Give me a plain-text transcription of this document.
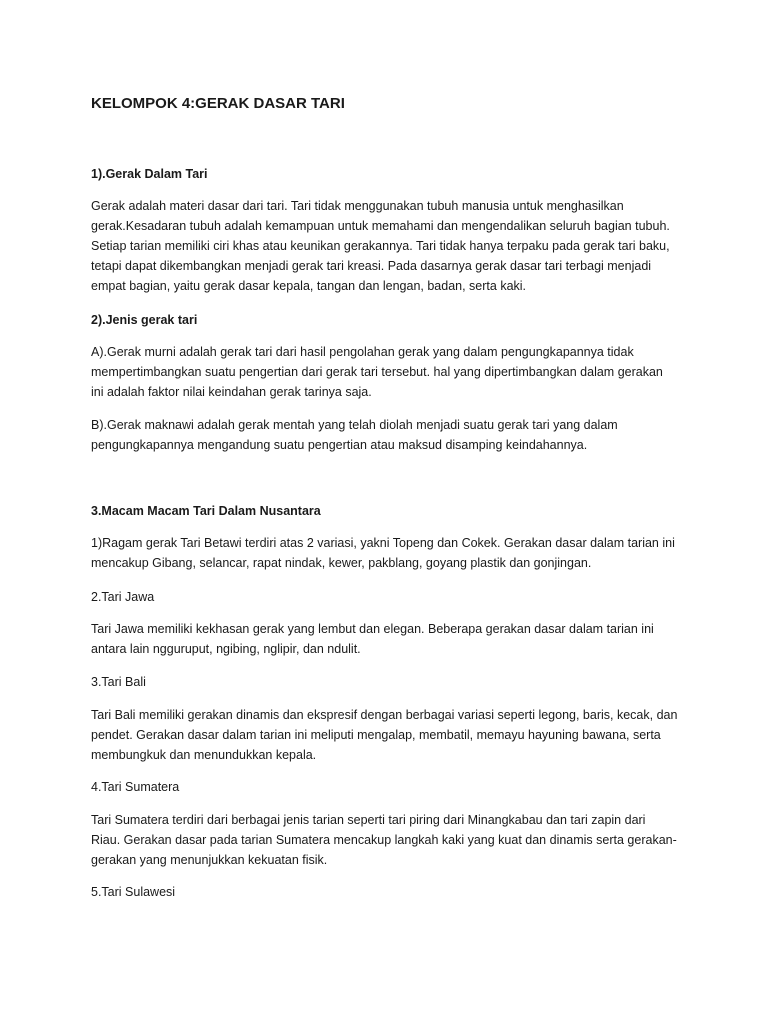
KELOMPOK 4:GERAK DASAR TARI
1).Gerak Dalam Tari

Gerak adalah materi dasar dari tari. Tari tidak menggunakan tubuh manusia untuk menghasilkan
gerak.Kesadaran tubuh adalah kemampuan untuk memahami dan mengendalikan seluruh bagian tubuh.
Setiap tarian memiliki ciri khas atau keunikan gerakannya. Tari tidak hanya terpaku pada gerak tari baku,
tetapi dapat dikembangkan menjadi gerak tari kreasi. Pada dasarnya gerak dasar tari terbagi menjadi
empat bagian, yaitu gerak dasar kepala, tangan dan lengan, badan, serta kaki.

2).Jenis gerak tari

A).Gerak murni adalah gerak tari dari hasil pengolahan gerak yang dalam pengungkapannya tidak
mempertimbangkan suatu pengertian dari gerak tari tersebut. hal yang dipertimbangkan dalam gerakan
ini adalah faktor nilai keindahan gerak tarinya saja.

B).Gerak maknawi adalah gerak mentah yang telah diolah menjadi suatu gerak tari yang dalam
pengungkapannya mengandung suatu pengertian atau maksud disamping keindahannya.

3.Macam Macam Tari Dalam Nusantara

1)Ragam gerak Tari Betawi terdiri atas 2 variasi, yakni Topeng dan Cokek. Gerakan dasar dalam tarian ini
mencakup Gibang, selancar, rapat nindak, kewer, pakblang, goyang plastik dan gonjingan.

2.Tari Jawa

Tari Jawa memiliki kekhasan gerak yang lembut dan elegan. Beberapa gerakan dasar dalam tarian ini
antara lain ngguruput, ngibing, nglipir, dan ndulit.

3.Tari Bali

Tari Bali memiliki gerakan dinamis dan ekspresif dengan berbagai variasi seperti legong, baris, kecak, dan
pendet. Gerakan dasar dalam tarian ini meliputi mengalap, membatil, memayu hayuning bawana, serta
membungkuk dan menundukkan kepala.

4.Tari Sumatera

Tari Sumatera terdiri dari berbagai jenis tarian seperti tari piring dari Minangkabau dan tari zapin dari
Riau. Gerakan dasar pada tarian Sumatera mencakup langkah kaki yang kuat dan dinamis serta gerakan-
gerakan yang menunjukkan kekuatan fisik.

5.Tari Sulawesi
